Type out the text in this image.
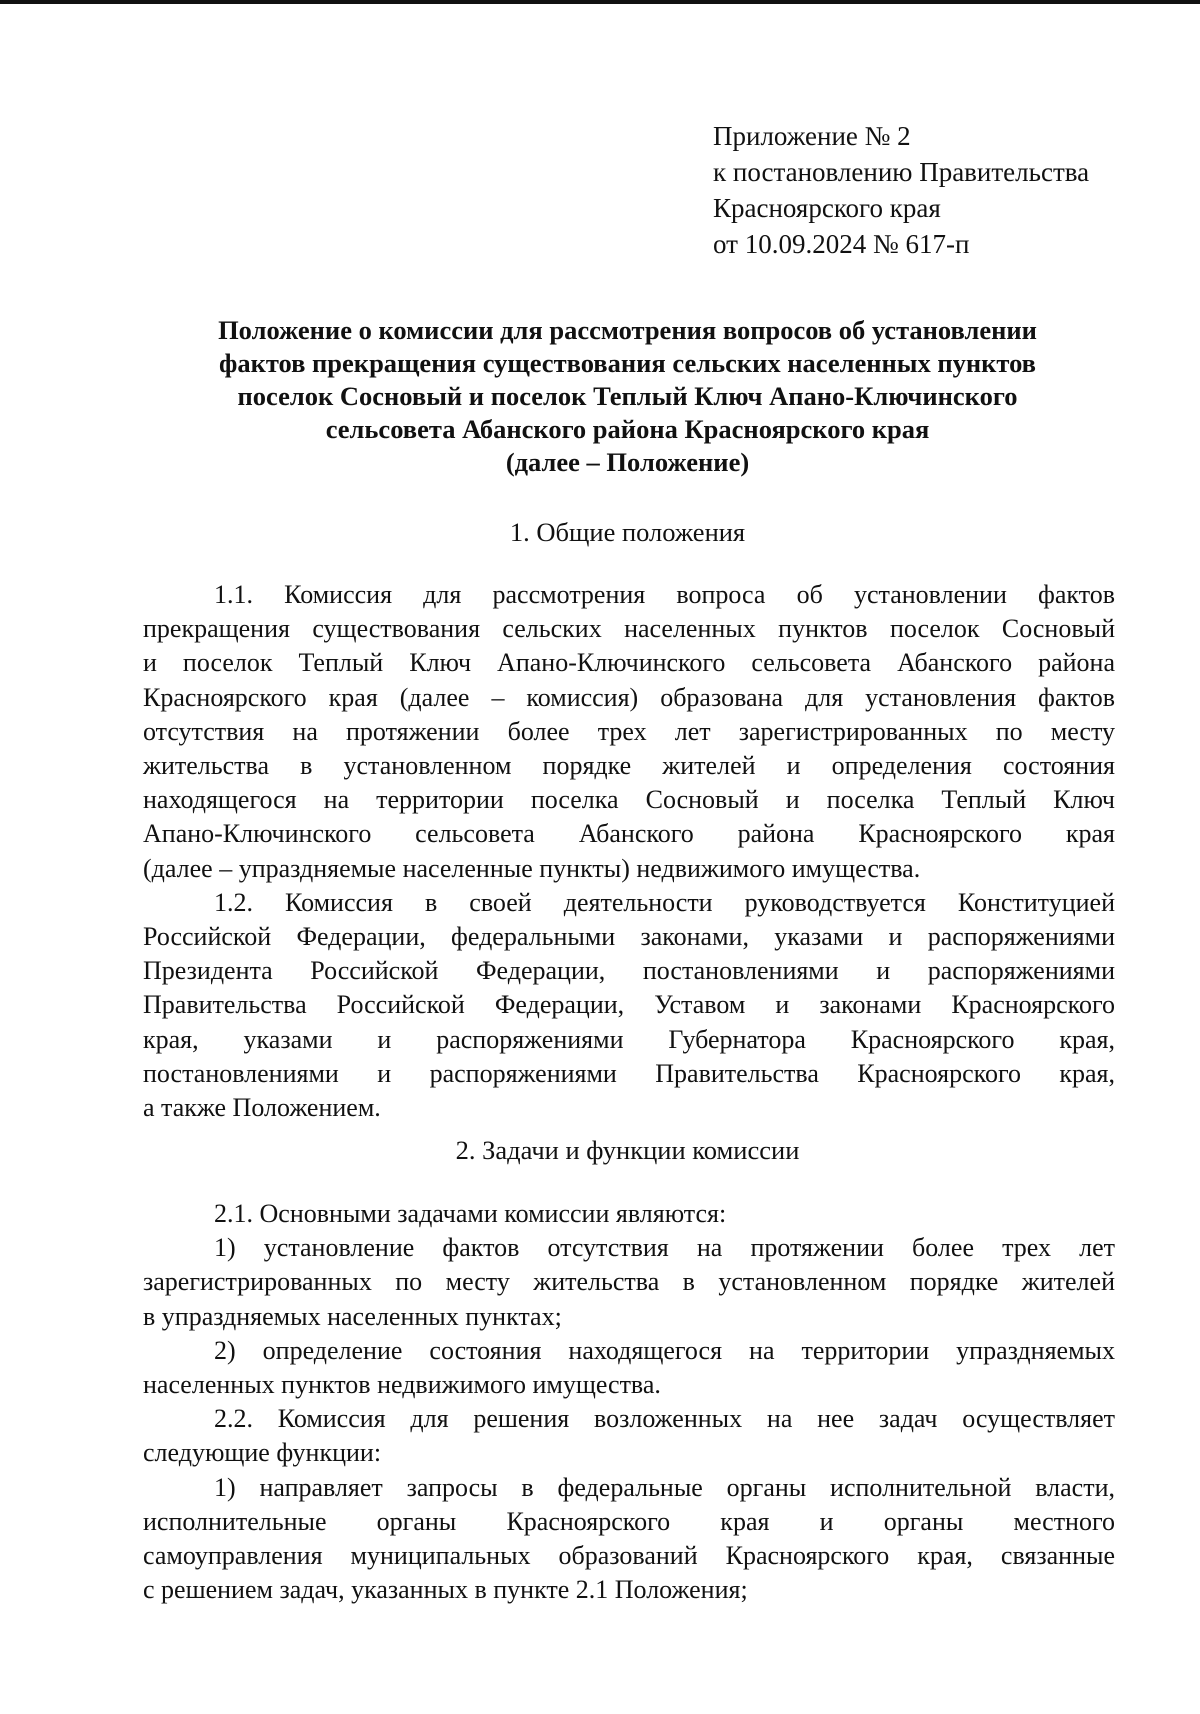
Приложение № 2
к постановлению Правительства
Красноярского края
от 10.09.2024 № 617-п
Положение о комиссии для рассмотрения вопросов об установлении
фактов прекращения существования сельских населенных пунктов
поселок Сосновый и поселок Теплый Ключ Апано-Ключинского
сельсовета Абанского района Красноярского края
(далее – Положение)
1. Общие положения

1.1. Комиссия для рассмотрения вопроса об установлении фактов
прекращения существования сельских населенных пунктов поселок Сосновый
и поселок Теплый Ключ Апано-Ключинского сельсовета Абанского района
Красноярского края (далее – комиссия) образована для установления фактов
отсутствия на протяжении более трех лет зарегистрированных по месту
жительства в установленном порядке жителей и определения состояния
находящегося на территории поселка Сосновый и поселка Теплый Ключ
Апано-Ключинского сельсовета Абанского района Красноярского края
(далее – упраздняемые населенные пункты) недвижимого имущества.

1.2. Комиссия в своей деятельности руководствуется Конституцией
Российской Федерации, федеральными законами, указами и распоряжениями
Президента Российской Федерации, постановлениями и распоряжениями
Правительства Российской Федерации, Уставом и законами Красноярского
края, указами и распоряжениями Губернатора Красноярского края,
постановлениями и распоряжениями Правительства Красноярского края,
а также Положением.

2. Задачи и функции комиссии

2.1. Основными задачами комиссии являются:

1) установление фактов отсутствия на протяжении более трех лет
зарегистрированных по месту жительства в установленном порядке жителей
в упраздняемых населенных пунктах;

2) определение состояния находящегося на территории упраздняемых
населенных пунктов недвижимого имущества.

2.2. Комиссия для решения возложенных на нее задач осуществляет
следующие функции:

1) направляет запросы в федеральные органы исполнительной власти,
исполнительные органы Красноярского края и органы местного
самоуправления муниципальных образований Красноярского края, связанные
с решением задач, указанных в пункте 2.1 Положения;
